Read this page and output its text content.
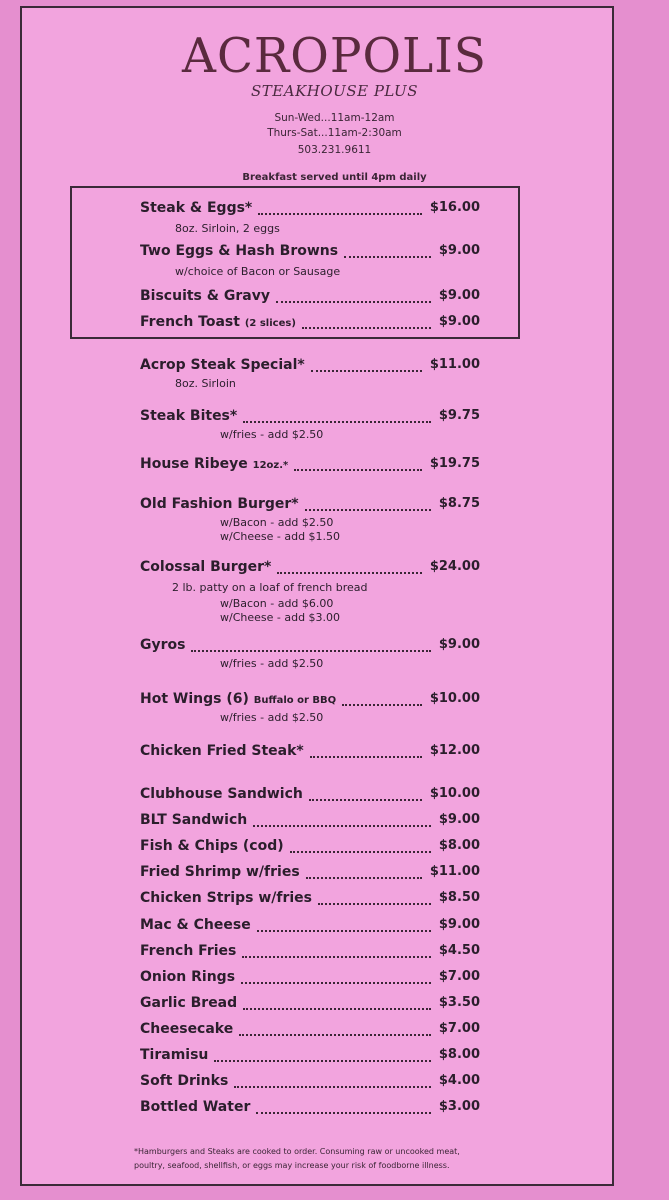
ACROPOLIS
STEAKHOUSE PLUS
Sun-Wed...11am-12am
Thurs-Sat...11am-2:30am
503.231.9611
Breakfast served until 4pm daily
Steak & Eggs*	$16.00
8oz. Sirloin, 2 eggs
Two Eggs & Hash Browns	$9.00
w/choice of Bacon or Sausage
Biscuits & Gravy	$9.00
French Toast (2 slices)	$9.00
Acrop Steak Special*	$11.00
8oz. Sirloin
Steak Bites*	$9.75
w/fries - add $2.50
House Ribeye 12oz.*	$19.75
Old Fashion Burger*	$8.75
w/Bacon - add $2.50
w/Cheese - add $1.50
Colossal Burger*	$24.00
2 lb. patty on a loaf of french bread
w/Bacon - add $6.00
w/Cheese - add $3.00
Gyros	$9.00
w/fries - add $2.50
Hot Wings (6) Buffalo or BBQ	$10.00
w/fries - add $2.50
Chicken Fried Steak*	$12.00
Clubhouse Sandwich	$10.00
BLT Sandwich	$9.00
Fish & Chips (cod)	$8.00
Fried Shrimp w/fries	$11.00
Chicken Strips w/fries	$8.50
Mac & Cheese	$9.00
French Fries	$4.50
Onion Rings	$7.00
Garlic Bread	$3.50
Cheesecake	$7.00
Tiramisu	$8.00
Soft Drinks	$4.00
Bottled Water	$3.00
*Hamburgers and Steaks are cooked to order. Consuming raw or uncooked meat,
poultry, seafood, shellfish, or eggs may increase your risk of foodborne illness.
